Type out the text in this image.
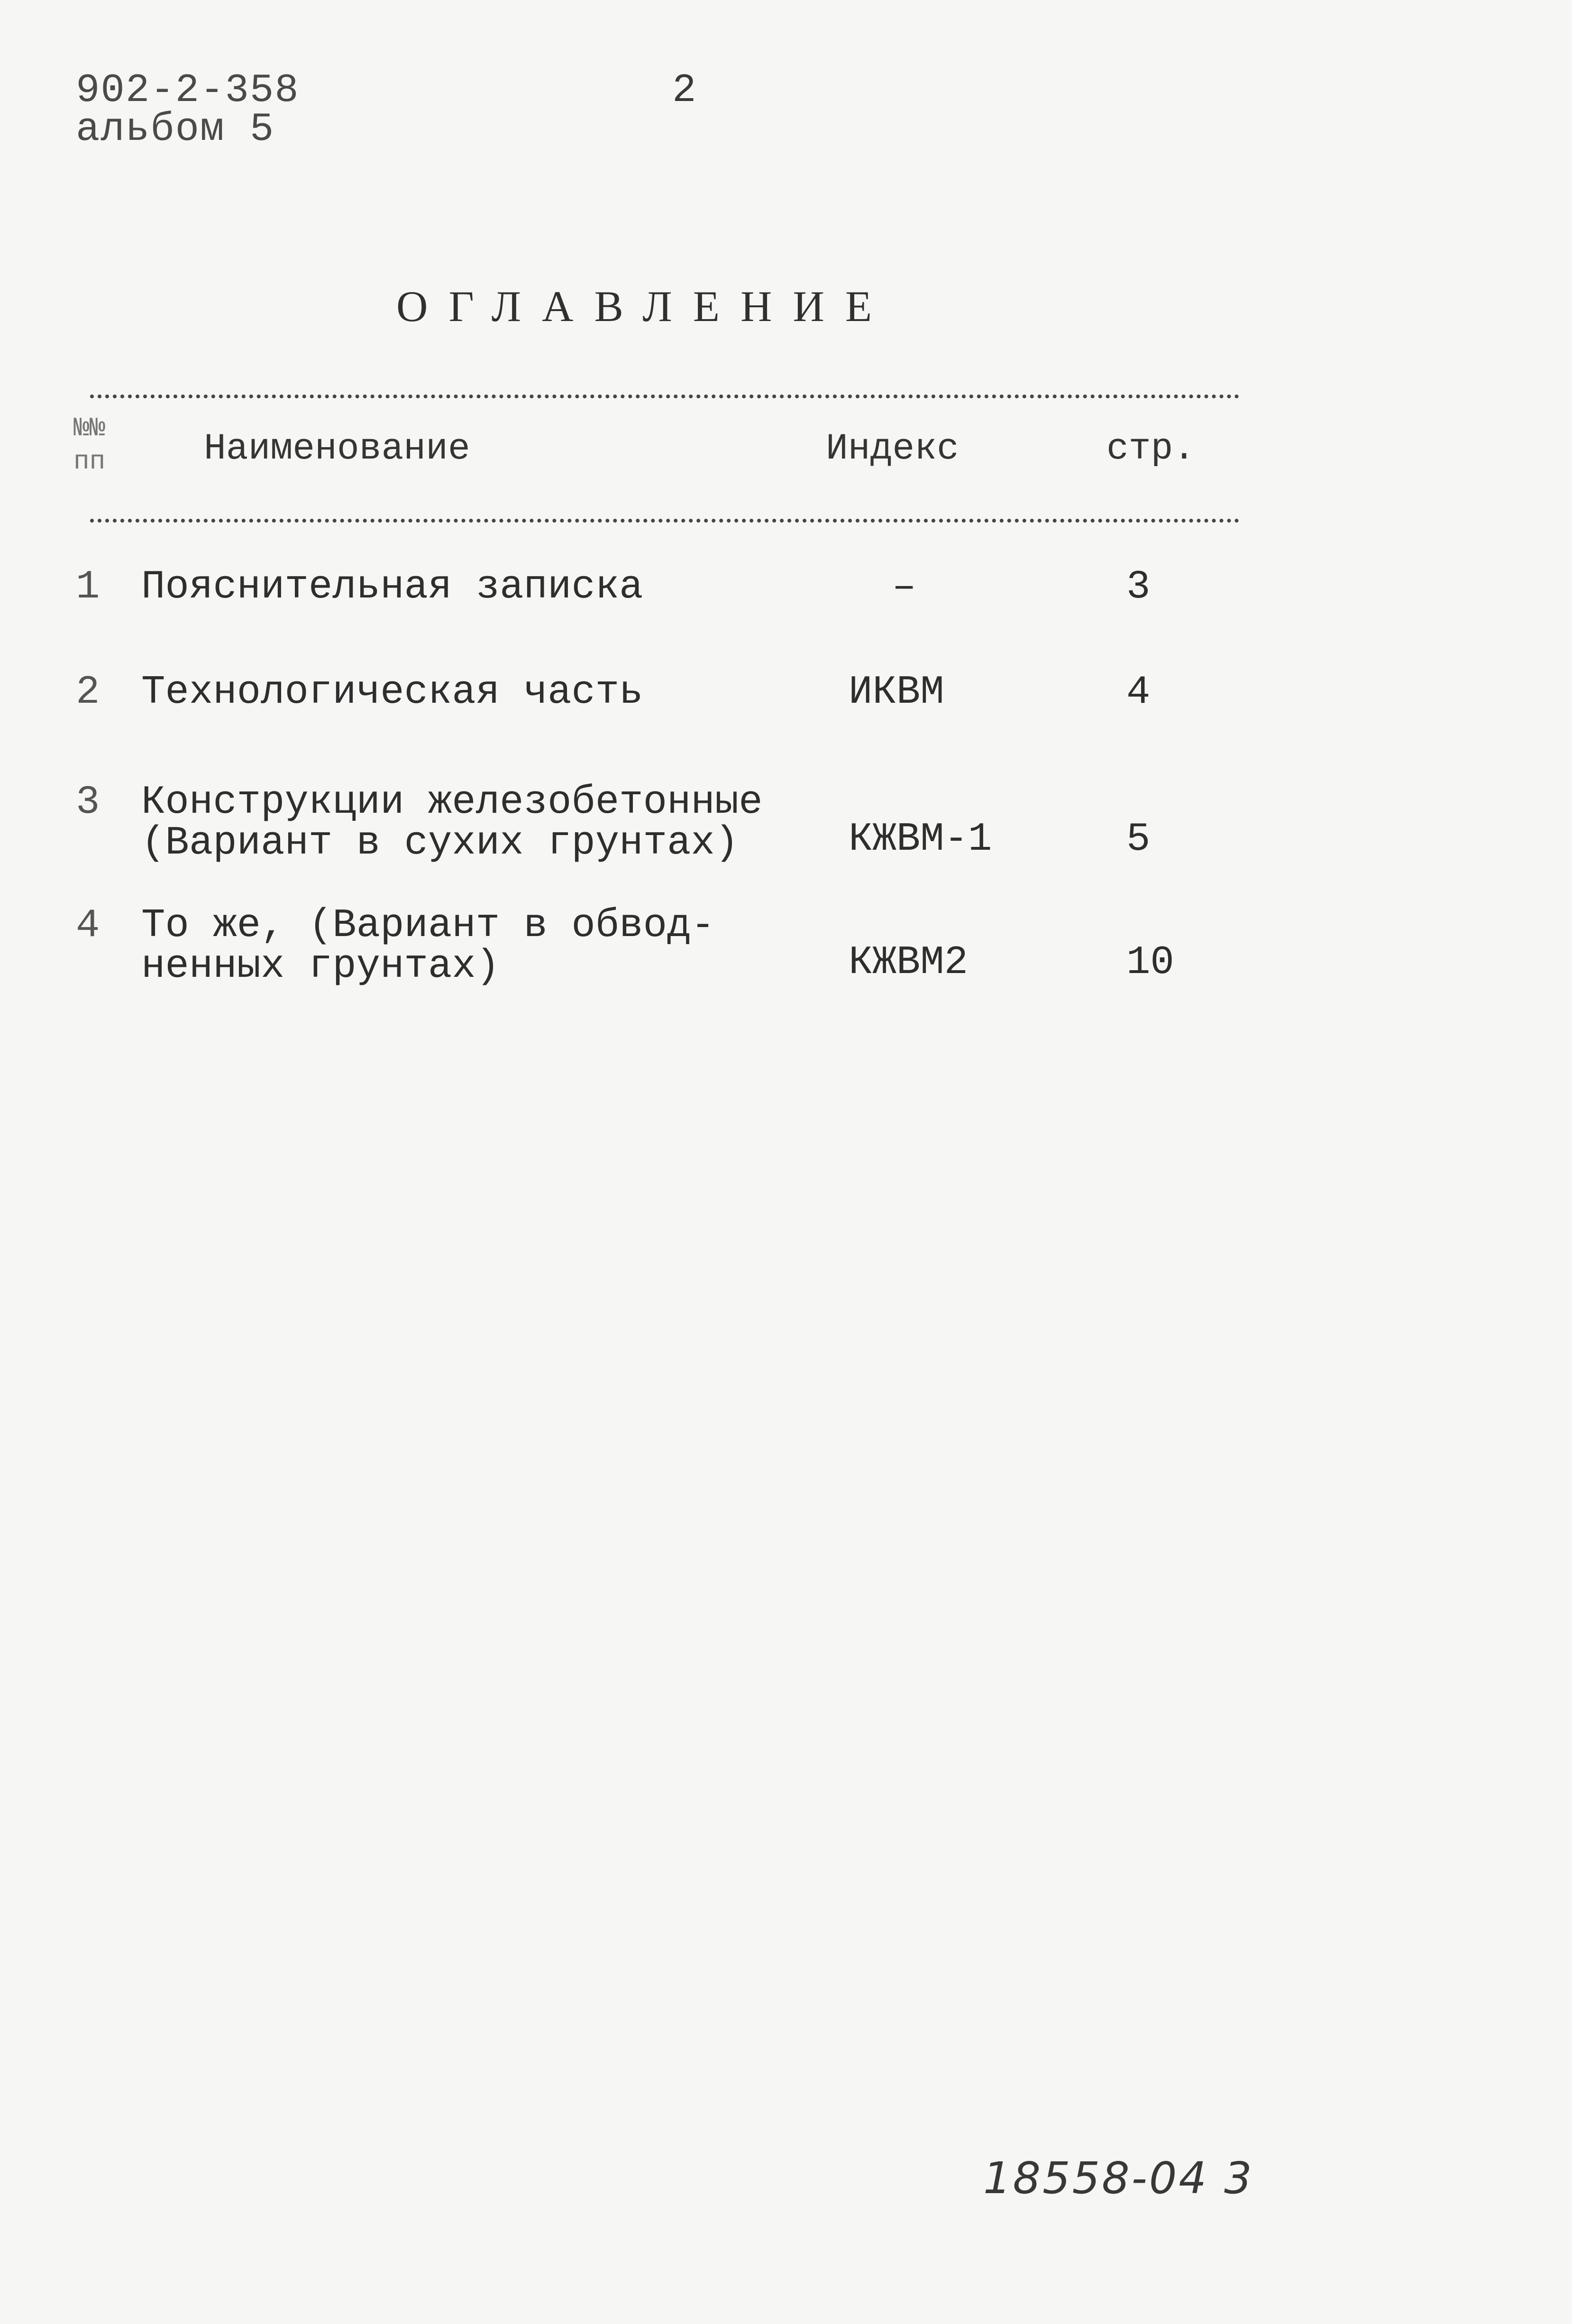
902-2-358
альбом 5
2
ОГЛАВЛЕНИЕ
№№
пп	Наименование	Индекс	стр.
1 Пояснительная записка	–	3
2 Технологическая часть	ИКВМ	4
3 Конструкции железобетонные
(Вариант в сухих грунтах)	КЖВМ-1	5
4 То же, (Вариант в обвод-
ненных грунтах)	КЖВМ2	10
18558-04 3
